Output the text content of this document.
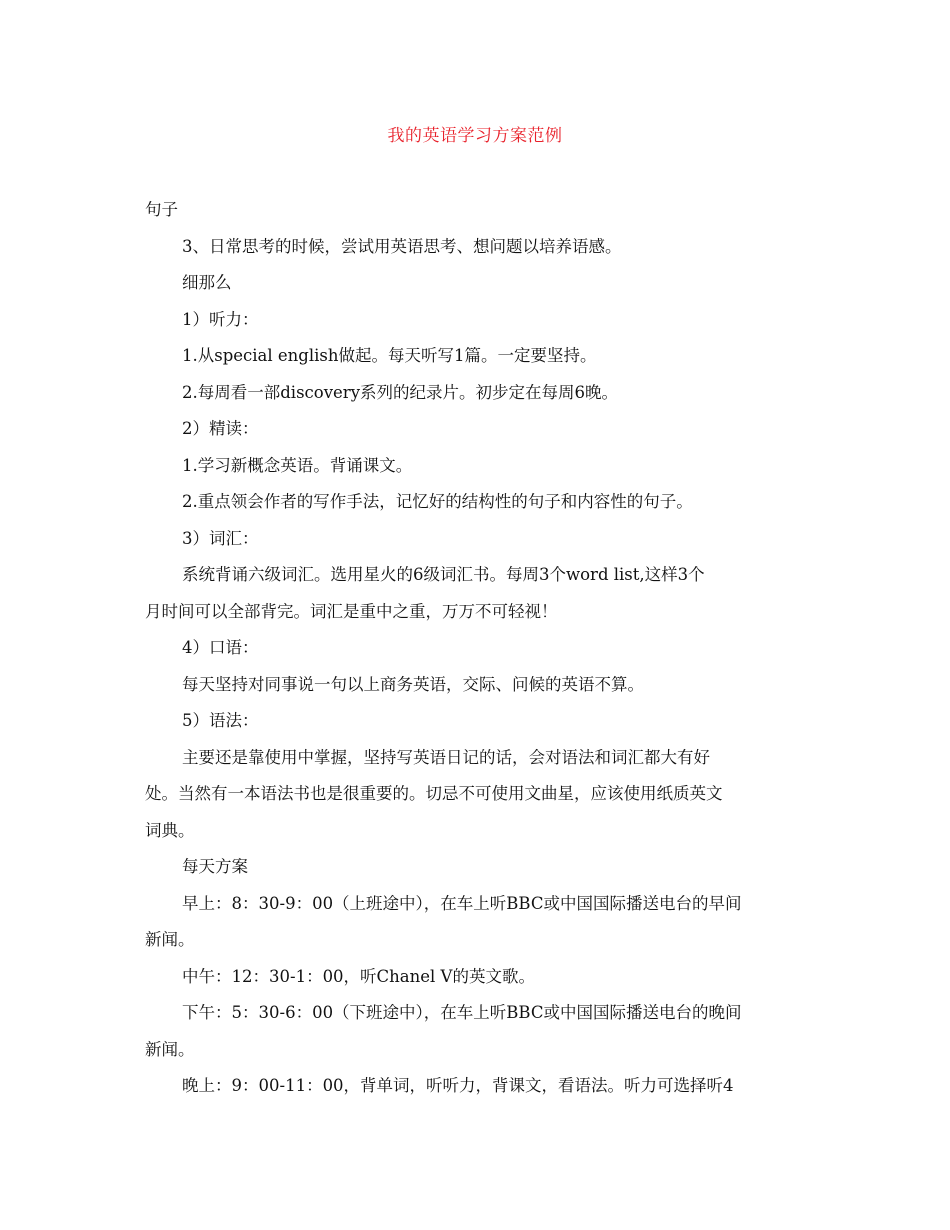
我的英语学习方案范例
句子
3、日常思考的时候，尝试用英语思考、想问题以培养语感。
细那么
1）听力：
1.从special english做起。每天听写1篇。一定要坚持。
2.每周看一部discovery系列的纪录片。初步定在每周6晚。
2）精读：
1.学习新概念英语。背诵课文。
2.重点领会作者的写作手法，记忆好的结构性的句子和内容性的句子。
3）词汇：
系统背诵六级词汇。选用星火的6级词汇书。每周3个word list,这样3个
月时间可以全部背完。词汇是重中之重，万万不可轻视！
4）口语：
每天坚持对同事说一句以上商务英语，交际、问候的英语不算。
5）语法：
主要还是靠使用中掌握，坚持写英语日记的话，会对语法和词汇都大有好
处。当然有一本语法书也是很重要的。切忌不可使用文曲星，应该使用纸质英文
词典。
每天方案
早上：8：30-9：00（上班途中），在车上听BBC或中国国际播送电台的早间
新闻。
中午：12：30-1：00，听Chanel V的英文歌。
下午：5：30-6：00（下班途中），在车上听BBC或中国国际播送电台的晚间
新闻。
晚上：9：00-11：00，背单词，听听力，背课文，看语法。听力可选择听4
